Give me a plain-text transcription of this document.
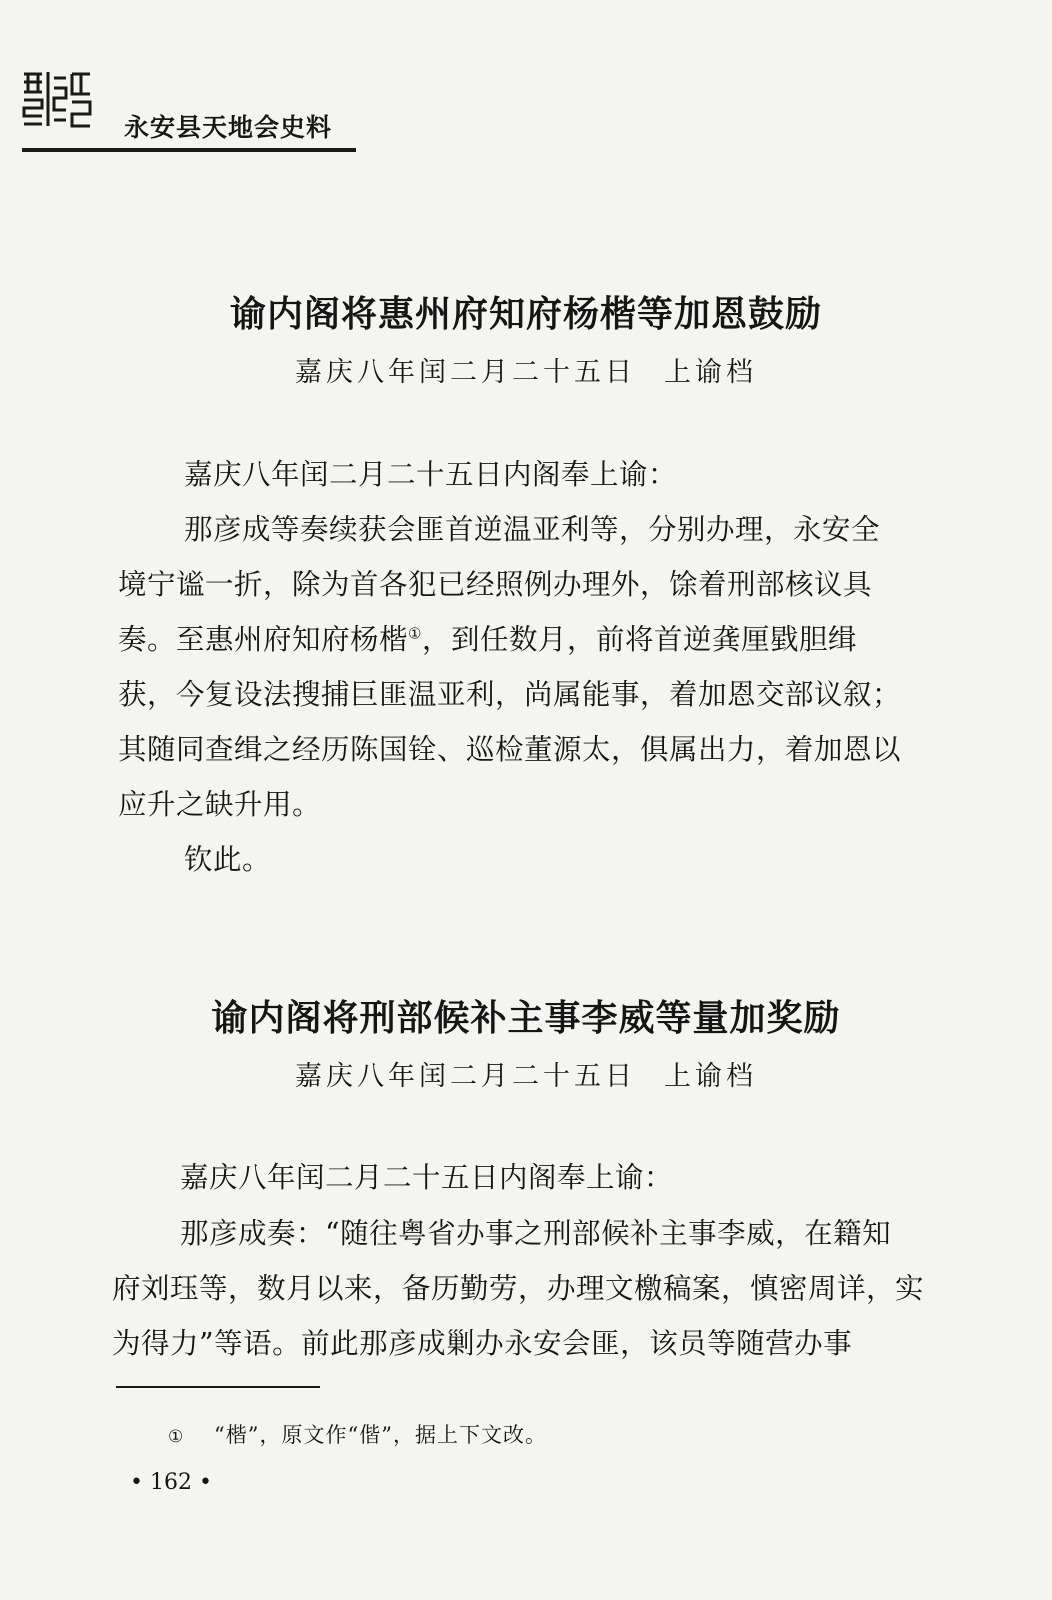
永安县天地会史料
谕内阁将惠州府知府杨楷等加恩鼓励
嘉庆八年闰二月二十五日 上谕档
嘉庆八年闰二月二十五日内阁奉上谕：
那彦成等奏续获会匪首逆温亚利等，分别办理，永安全
境宁谧一折，除为首各犯已经照例办理外，馀着刑部核议具
奏。至惠州府知府杨楷①，到任数月，前将首逆龚厘戥胆缉
获，今复设法搜捕巨匪温亚利，尚属能事，着加恩交部议叙；
其随同查缉之经历陈国铨、巡检董源太，俱属出力，着加恩以
应升之缺升用。
钦此。
谕内阁将刑部候补主事李威等量加奖励
嘉庆八年闰二月二十五日 上谕档
嘉庆八年闰二月二十五日内阁奉上谕：
那彦成奏：“随往粤省办事之刑部候补主事李威，在籍知
府刘珏等，数月以来，备历勤劳，办理文檄稿案，慎密周详，实
为得力”等语。前此那彦成剿办永安会匪，该员等随营办事
① “楷”，原文作“偕”，据上下文改。
• 162 •
